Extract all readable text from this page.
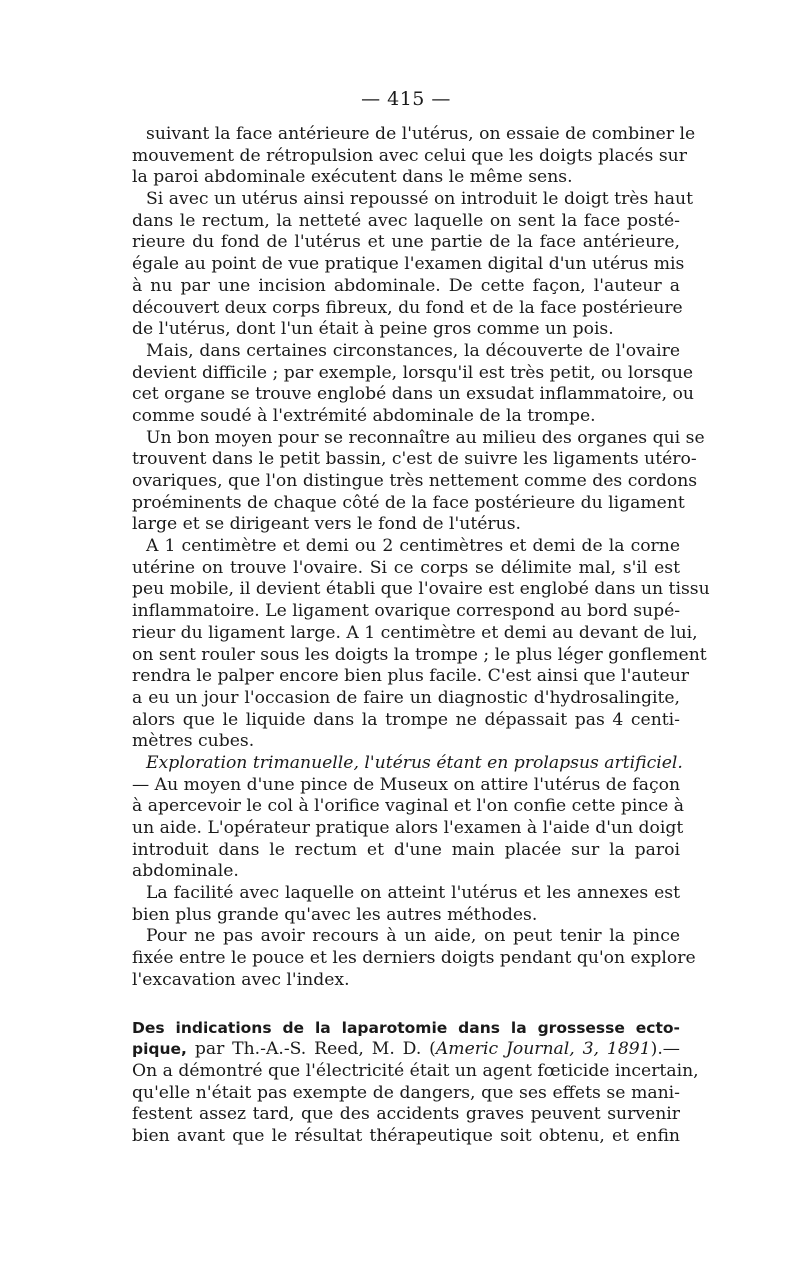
— 415 —
suivant la face antérieure de l'utérus, on essaie de combiner le
mouvement de rétropulsion avec celui que les doigts placés sur
la paroi abdominale exécutent dans le même sens.
Si avec un utérus ainsi repoussé on introduit le doigt très haut
dans le rectum, la netteté avec laquelle on sent la face posté-
rieure du fond de l'utérus et une partie de la face antérieure,
égale au point de vue pratique l'examen digital d'un utérus mis
à nu par une incision abdominale. De cette façon, l'auteur a
découvert deux corps fibreux, du fond et de la face postérieure
de l'utérus, dont l'un était à peine gros comme un pois.
Mais, dans certaines circonstances, la découverte de l'ovaire
devient difficile ; par exemple, lorsqu'il est très petit, ou lorsque
cet organe se trouve englobé dans un exsudat inflammatoire, ou
comme soudé à l'extrémité abdominale de la trompe.
Un bon moyen pour se reconnaître au milieu des organes qui se
trouvent dans le petit bassin, c'est de suivre les ligaments utéro-
ovariques, que l'on distingue très nettement comme des cordons
proéminents de chaque côté de la face postérieure du ligament
large et se dirigeant vers le fond de l'utérus.
A 1 centimètre et demi ou 2 centimètres et demi de la corne
utérine on trouve l'ovaire. Si ce corps se délimite mal, s'il est
peu mobile, il devient établi que l'ovaire est englobé dans un tissu
inflammatoire. Le ligament ovarique correspond au bord supé-
rieur du ligament large. A 1 centimètre et demi au devant de lui,
on sent rouler sous les doigts la trompe ; le plus léger gonflement
rendra le palper encore bien plus facile. C'est ainsi que l'auteur
a eu un jour l'occasion de faire un diagnostic d'hydrosalingite,
alors que le liquide dans la trompe ne dépassait pas 4 centi-
mètres cubes.
Exploration trimanuelle, l'utérus étant en prolapsus artificiel.
— Au moyen d'une pince de Museux on attire l'utérus de façon
à apercevoir le col à l'orifice vaginal et l'on confie cette pince à
un aide. L'opérateur pratique alors l'examen à l'aide d'un doigt
introduit dans le rectum et d'une main placée sur la paroi
abdominale.
La facilité avec laquelle on atteint l'utérus et les annexes est
bien plus grande qu'avec les autres méthodes.
Pour ne pas avoir recours à un aide, on peut tenir la pince
fixée entre le pouce et les derniers doigts pendant qu'on explore
l'excavation avec l'index.
Des indications de la laparotomie dans la grossesse ecto-
pique, par Th.-A.-S. Reed, M. D. (Americ Journal, 3, 1891).—
On a démontré que l'électricité était un agent fœticide incertain,
qu'elle n'était pas exempte de dangers, que ses effets se mani-
festent assez tard, que des accidents graves peuvent survenir
bien avant que le résultat thérapeutique soit obtenu, et enfin
